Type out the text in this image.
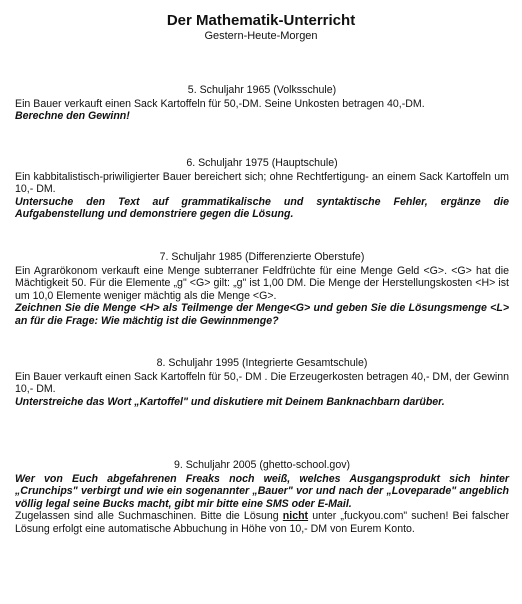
Der Mathematik-Unterricht
Gestern-Heute-Morgen
5. Schuljahr 1965 (Volksschule)
Ein Bauer verkauft einen Sack Kartoffeln für 50,-DM. Seine Unkosten betragen 40,-DM.
Berechne den Gewinn!
6. Schuljahr 1975 (Hauptschule)
Ein kabbitalistisch-priwiligierter Bauer bereichert sich; ohne Rechtfertigung- an einem Sack Kartoffeln um 10,- DM.
Untersuche den Text auf grammatikalische und syntaktische Fehler, ergänze die Aufgabenstellung und demonstriere gegen die Lösung.
7. Schuljahr 1985 (Differenzierte Oberstufe)
Ein Agrarökonom verkauft eine Menge subterraner Feldfrüchte für eine Menge Geld <G>. <G> hat die Mächtigkeit 50. Für die Elemente „g" <G> gilt: „g" ist 1,00 DM. Die Menge der Herstellungskosten <H> ist um 10,0 Elemente weniger mächtig als die Menge <G>.
Zeichnen Sie die Menge <H> als Teilmenge der Menge<G> und geben Sie die Lösungsmenge <L> an für die Frage: Wie mächtig ist die Gewinnmenge?
8. Schuljahr 1995 (Integrierte Gesamtschule)
Ein Bauer verkauft einen Sack Kartoffeln für 50,- DM . Die Erzeugerkosten betragen 40,- DM, der Gewinn 10,- DM.
Unterstreiche das Wort „Kartoffel" und diskutiere mit Deinem Banknachbarn darüber.
9. Schuljahr 2005 (ghetto-school.gov)
Wer von Euch abgefahrenen Freaks noch weiß, welches Ausgangsprodukt sich hinter „Crunchips" verbirgt und wie ein sogenannter „Bauer" vor und nach der „Loveparade" angeblich völlig legal seine Bucks macht, gibt mir bitte eine SMS oder E-Mail.
Zugelassen sind alle Suchmaschinen. Bitte die Lösung nicht unter „fuckyou.com" suchen! Bei falscher Lösung erfolgt eine automatische Abbuchung in Höhe von 10,- DM von Eurem Konto.
